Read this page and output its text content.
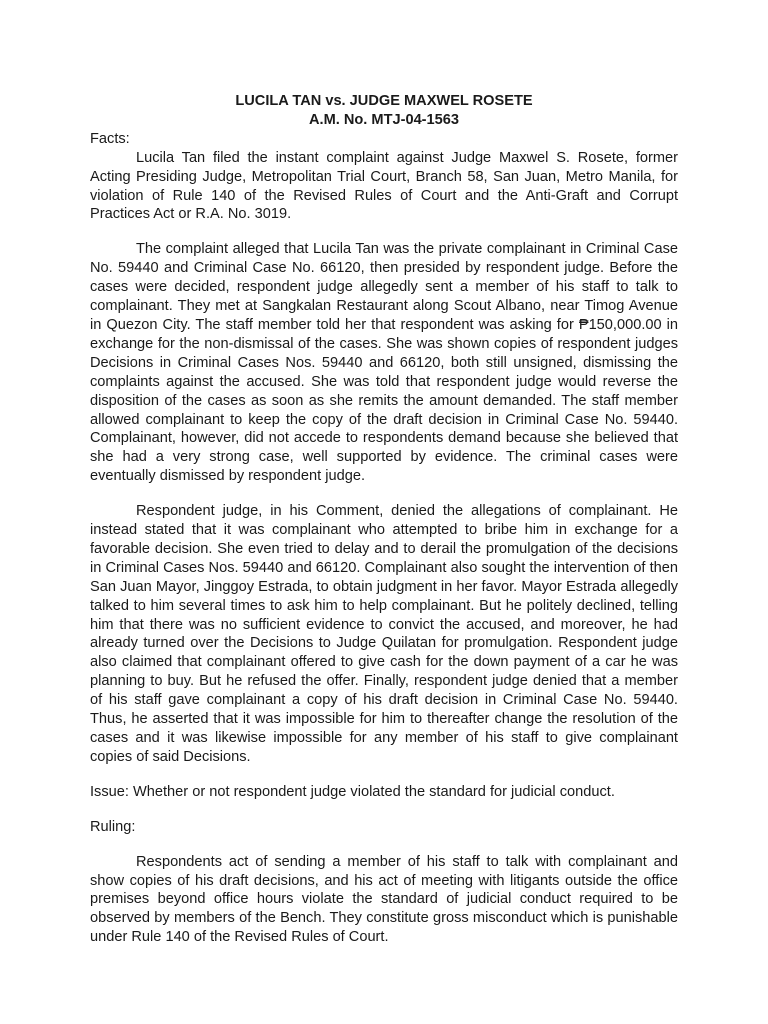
LUCILA TAN vs. JUDGE MAXWEL ROSETE

A.M. No. MTJ-04-1563

Facts:

Lucila Tan filed the instant complaint against Judge Maxwel S. Rosete, former Acting Presiding Judge, Metropolitan Trial Court, Branch 58, San Juan, Metro Manila, for violation of Rule 140 of the Revised Rules of Court and the Anti-Graft and Corrupt Practices Act or R.A. No. 3019.

The complaint alleged that Lucila Tan was the private complainant in Criminal Case No. 59440 and Criminal Case No. 66120, then presided by respondent judge. Before the cases were decided, respondent judge allegedly sent a member of his staff to talk to complainant. They met at Sangkalan Restaurant along Scout Albano, near Timog Avenue in Quezon City. The staff member told her that respondent was asking for ₱150,000.00 in exchange for the non-dismissal of the cases. She was shown copies of respondent judges Decisions in Criminal Cases Nos. 59440 and 66120, both still unsigned, dismissing the complaints against the accused. She was told that respondent judge would reverse the disposition of the cases as soon as she remits the amount demanded. The staff member allowed complainant to keep the copy of the draft decision in Criminal Case No. 59440. Complainant, however, did not accede to respondents demand because she believed that she had a very strong case, well supported by evidence. The criminal cases were eventually dismissed by respondent judge.

Respondent judge, in his Comment, denied the allegations of complainant. He instead stated that it was complainant who attempted to bribe him in exchange for a favorable decision. She even tried to delay and to derail the promulgation of the decisions in Criminal Cases Nos. 59440 and 66120. Complainant also sought the intervention of then San Juan Mayor, Jinggoy Estrada, to obtain judgment in her favor. Mayor Estrada allegedly talked to him several times to ask him to help complainant. But he politely declined, telling him that there was no sufficient evidence to convict the accused, and moreover, he had already turned over the Decisions to Judge Quilatan for promulgation. Respondent judge also claimed that complainant offered to give cash for the down payment of a car he was planning to buy. But he refused the offer. Finally, respondent judge denied that a member of his staff gave complainant a copy of his draft decision in Criminal Case No. 59440. Thus, he asserted that it was impossible for him to thereafter change the resolution of the cases and it was likewise impossible for any member of his staff to give complainant copies of said Decisions.

Issue: Whether or not respondent judge violated the standard for judicial conduct.

Ruling:

Respondents act of sending a member of his staff to talk with complainant and show copies of his draft decisions, and his act of meeting with litigants outside the office premises beyond office hours violate the standard of judicial conduct required to be observed by members of the Bench. They constitute gross misconduct which is punishable under Rule 140 of the Revised Rules of Court.
